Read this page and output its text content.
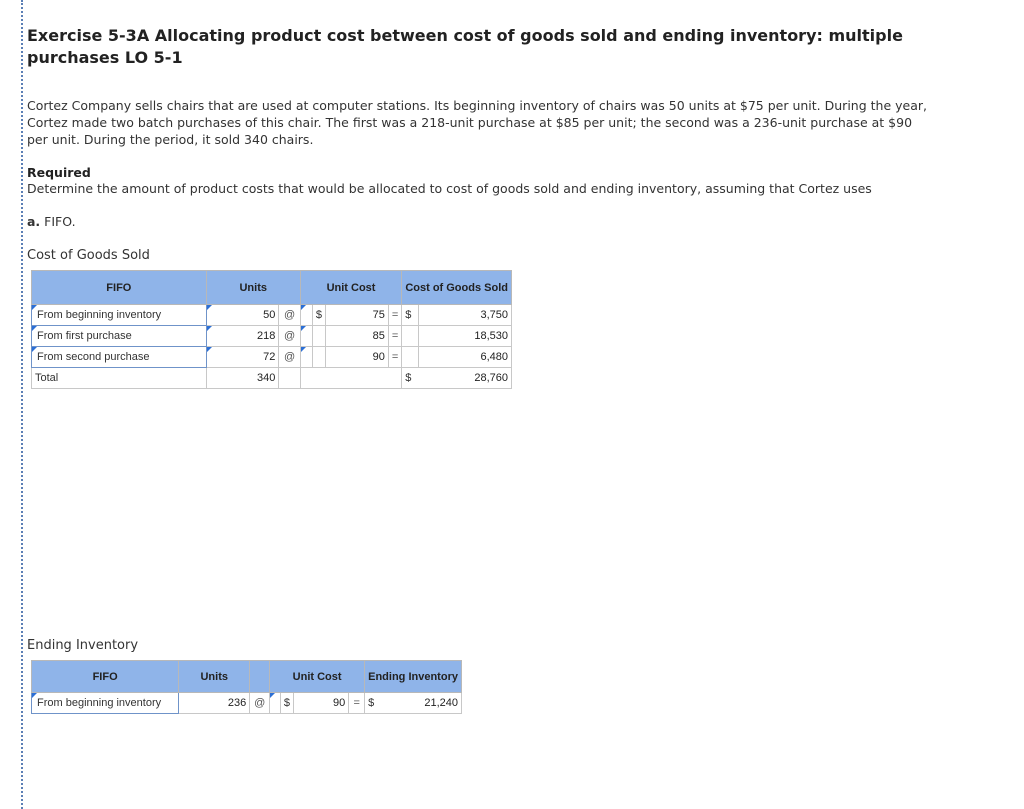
Exercise 5-3A Allocating product cost between cost of goods sold and ending inventory: multiple purchases LO 5-1
Cortez Company sells chairs that are used at computer stations. Its beginning inventory of chairs was 50 units at $75 per unit. During the year, Cortez made two batch purchases of this chair. The first was a 218-unit purchase at $85 per unit; the second was a 236-unit purchase at $90 per unit. During the period, it sold 340 chairs.
Required
Determine the amount of product costs that would be allocated to cost of goods sold and ending inventory, assuming that Cortez uses
a. FIFO.
Cost of Goods Sold
FIFO	Units		Unit Cost				Cost of Goods Sold	

From beginning inventory	50	@		$	75	=	$	3,750

From first purchase	218	@			85	=		18,530

From second purchase	72	@			90	=		6,480
Total	340						$	28,760
Ending Inventory
FIFO	Units		Unit Cost				Ending Inventory	

From beginning inventory	236	@		$	90	=	$	21,240
